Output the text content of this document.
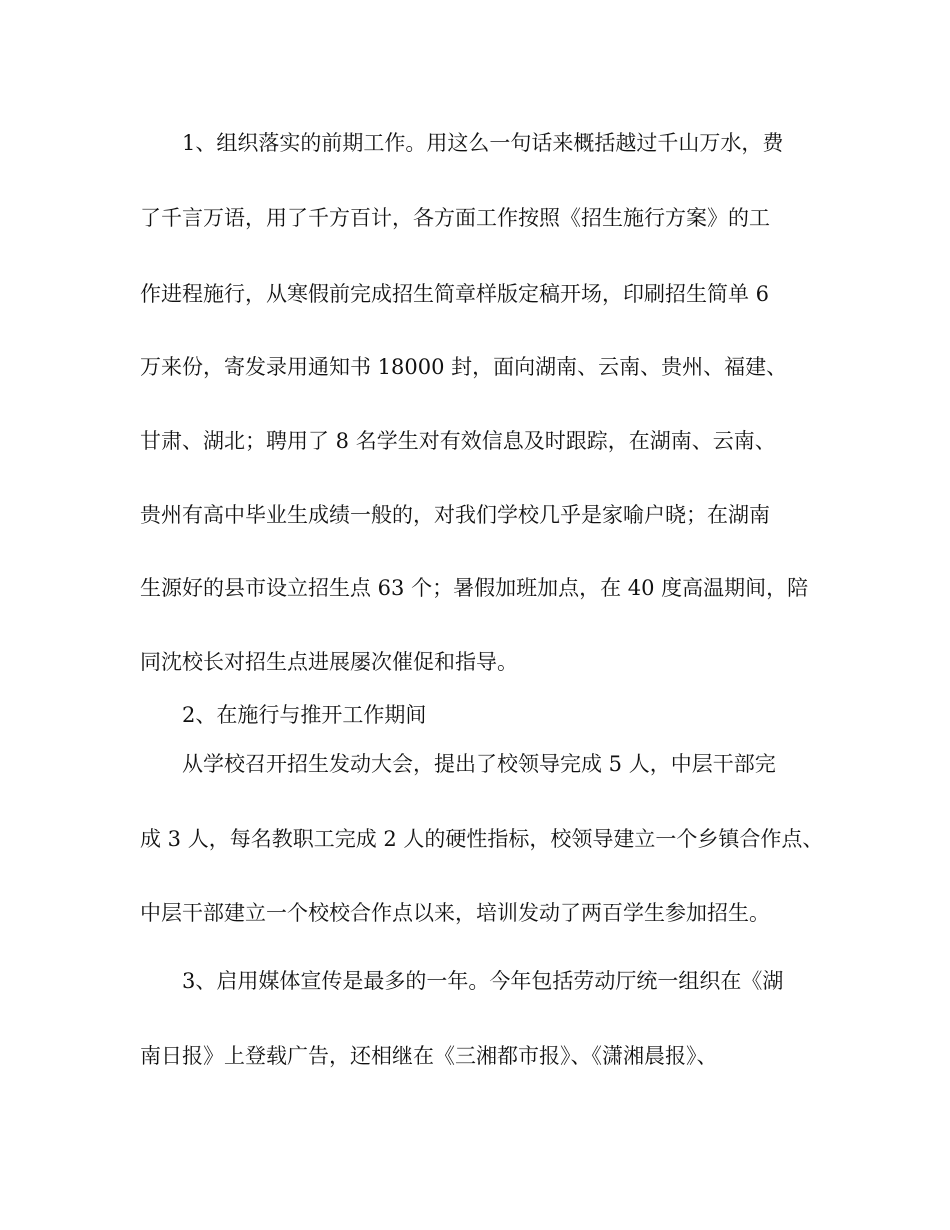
1、组织落实的前期工作。用这么一句话来概括越过千山万水，费
了千言万语，用了千方百计，各方面工作按照《招生施行方案》的工
作进程施行，从寒假前完成招生简章样版定稿开场，印刷招生简单 6
万来份，寄发录用通知书 18000 封，面向湖南、云南、贵州、福建、
甘肃、湖北；聘用了 8 名学生对有效信息及时跟踪，在湖南、云南、
贵州有高中毕业生成绩一般的，对我们学校几乎是家喻户晓；在湖南
生源好的县市设立招生点 63 个；暑假加班加点，在 40 度高温期间，陪
同沈校长对招生点进展屡次催促和指导。
2、在施行与推开工作期间
从学校召开招生发动大会，提出了校领导完成 5 人，中层干部完
成 3 人，每名教职工完成 2 人的硬性指标，校领导建立一个乡镇合作点、
中层干部建立一个校校合作点以来，培训发动了两百学生参加招生。
3、启用媒体宣传是最多的一年。今年包括劳动厅统一组织在《湖
南日报》上登载广告，还相继在《三湘都市报》、《潇湘晨报》、
